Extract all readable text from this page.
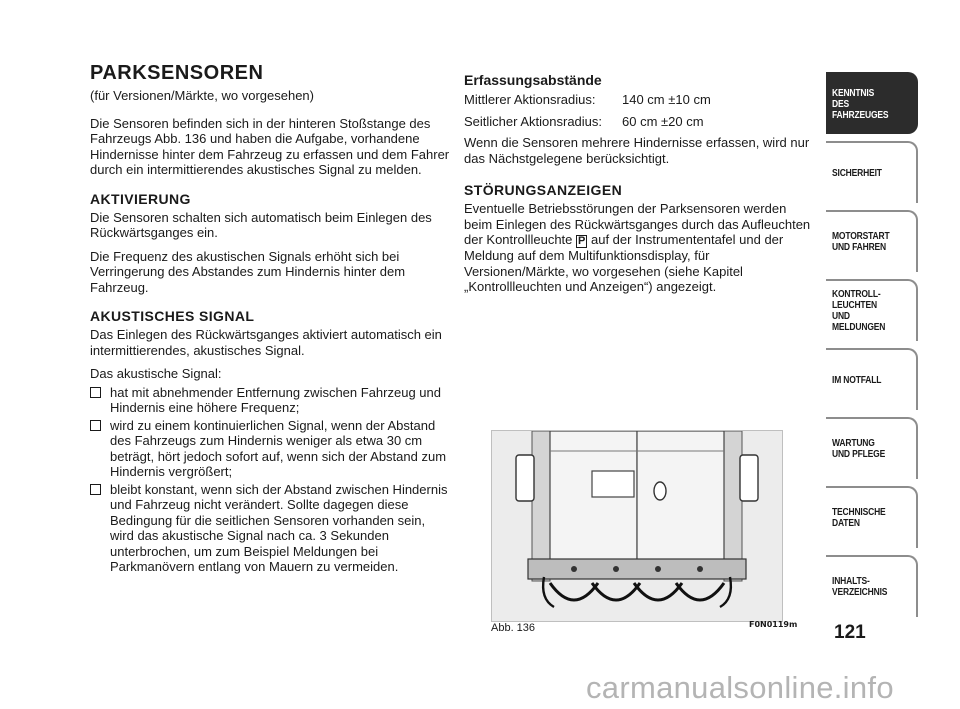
PARKSENSOREN

(für Versionen/Märkte, wo vorgesehen)

Die Sensoren befinden sich in der hinteren Stoßstange des Fahrzeugs Abb. 136 und haben die Aufgabe, vorhandene Hindernisse hinter dem Fahrzeug zu erfassen und dem Fahrer durch ein intermittierendes akustisches Signal zu melden.

AKTIVIERUNG

Die Sensoren schalten sich automatisch beim Einlegen des Rückwärtsganges ein.

Die Frequenz des akustischen Signals erhöht sich bei Verringerung des Abstandes zum Hindernis hinter dem Fahrzeug.

AKUSTISCHES SIGNAL

Das Einlegen des Rückwärtsganges aktiviert automatisch ein intermittierendes, akustisches Signal.

Das akustische Signal:

hat mit abnehmender Entfernung zwischen Fahrzeug und Hindernis eine höhere Frequenz;
wird zu einem kontinuierlichen Signal, wenn der Abstand des Fahrzeugs zum Hindernis weniger als etwa 30 cm beträgt, hört jedoch sofort auf, wenn sich der Abstand zum Hindernis vergrößert;
bleibt konstant, wenn sich der Abstand zwischen Hindernis und Fahrzeug nicht verändert. Sollte dagegen diese Bedingung für die seitlichen Sensoren vorhanden sein, wird das akustische Signal nach ca. 3 Sekunden unterbrochen, um zum Beispiel Meldungen bei Parkmanövern entlang von Mauern zu vermeiden.
Erfassungsabstände
Mittlerer Aktionsradius:	140 cm ±10 cm
Seitlicher Aktionsradius:	60 cm ±20 cm

Wenn die Sensoren mehrere Hindernisse erfassen, wird nur das Nächstgelegene berücksichtigt.

STÖRUNGSANZEIGEN

Eventuelle Betriebsstörungen der Parksensoren werden beim Einlegen des Rückwärtsganges durch das Aufleuchten der Kontrollleuchte P auf der Instrumententafel und der Meldung auf dem Multifunktionsdisplay, für Versionen/Märkte, wo vorgesehen (siehe Kapitel „Kontrollleuchten und Anzeigen“) angezeigt.

F0N0119m
Abb. 136
KENNTNIS
DES FAHRZEUGES
SICHERHEIT
MOTORSTART
UND FAHREN
KONTROLL-
LEUCHTEN
UND MELDUNGEN
IM NOTFALL
WARTUNG
UND PFLEGE
TECHNISCHE
DATEN
INHALTS-
VERZEICHNIS
121
carmanualsonline.info
